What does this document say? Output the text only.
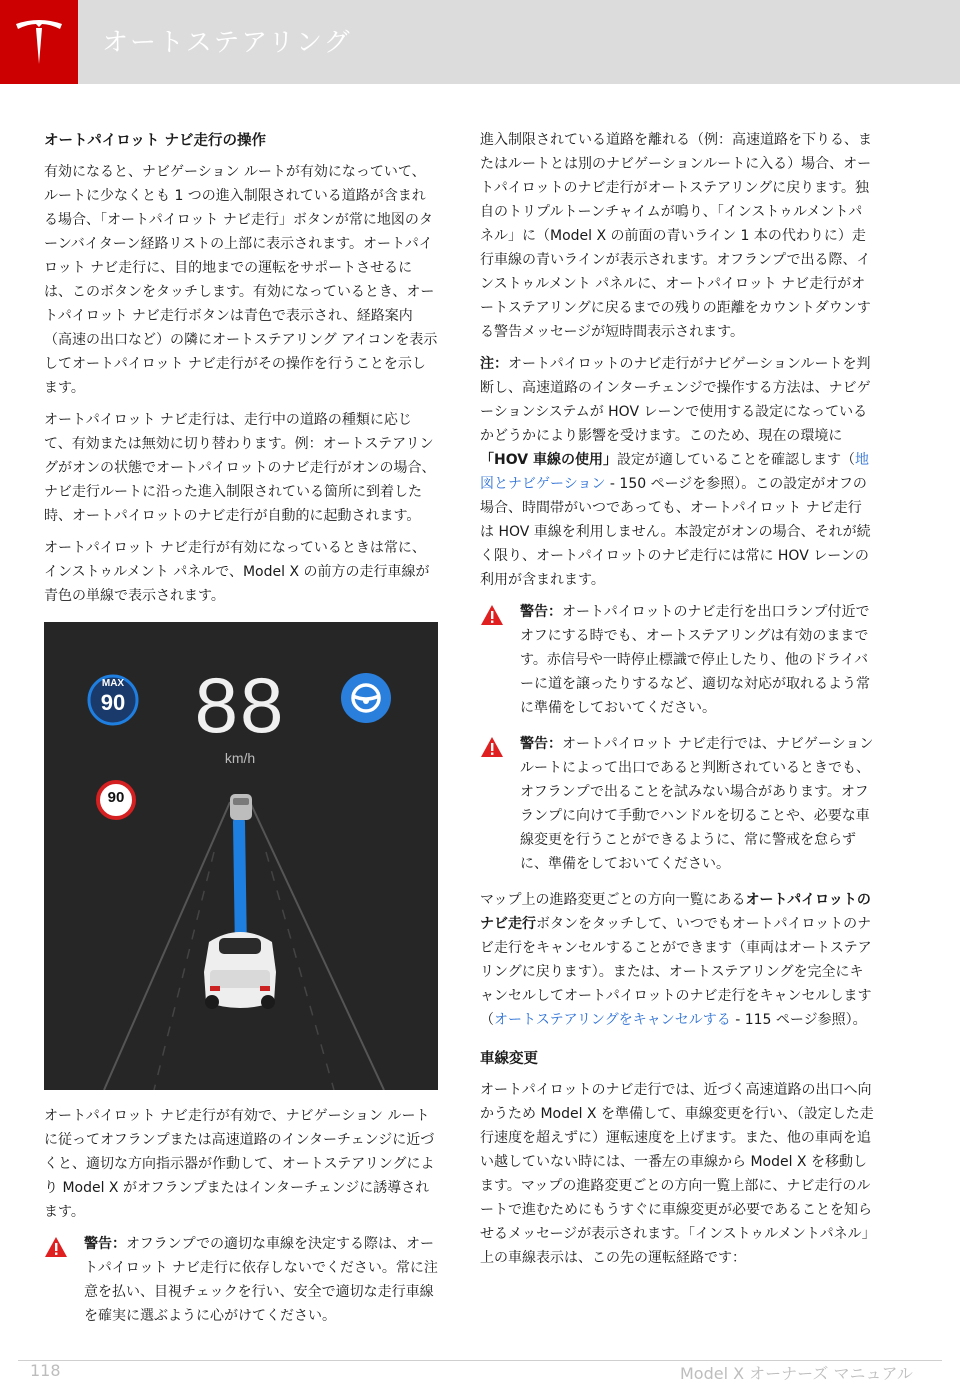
オートステアリング
オートパイロット ナビ走行の操作

有効になると、ナビゲーション ルートが有効になっていて、ルートに少なくとも 1 つの進入制限されている道路が含まれる場合、「オートパイロット ナビ走行」ボタンが常に地図のターンバイターン経路リストの上部に表示されます。オートパイロット ナビ走行に、目的地までの運転をサポートさせるには、このボタンをタッチします。有効になっているとき、オートパイロット ナビ走行ボタンは青色で表示され、経路案内（高速の出口など）の隣にオートステアリング アイコンを表示してオートパイロット ナビ走行がその操作を行うことを示します。

オートパイロット ナビ走行は、走行中の道路の種類に応じて、有効または無効に切り替わります。例：オートステアリングがオンの状態でオートパイロットのナビ走行がオンの場合、ナビ走行ルートに沿った進入制限されている箇所に到着した時、オートパイロットのナビ走行が自動的に起動されます。

オートパイロット ナビ走行が有効になっているときは常に、インストゥルメント パネルで、Model X の前方の走行車線が青色の単線で表示されます。

MAX
90 88
km/h
90

オートパイロット ナビ走行が有効で、ナビゲーション ルートに従ってオフランプまたは高速道路のインターチェンジに近づくと、適切な方向指示器が作動して、オートステアリングにより Model X がオフランプまたはインターチェンジに誘導されます。

警告：オフランプでの適切な車線を決定する際は、オートパイロット ナビ走行に依存しないでください。常に注意を払い、目視チェックを行い、安全で適切な走行車線を確実に選ぶように心がけてください。

進入制限されている道路を離れる（例：高速道路を下りる、またはルートとは別のナビゲーションルートに入る）場合、オートパイロットのナビ走行がオートステアリングに戻ります。独自のトリプルトーンチャイムが鳴り、「インストゥルメントパネル」に（Model X の前面の青いライン 1 本の代わりに）走行車線の青いラインが表示されます。オフランプで出る際、インストゥルメント パネルに、オートパイロット ナビ走行がオートステアリングに戻るまでの残りの距離をカウントダウンする警告メッセージが短時間表示されます。

注：オートパイロットのナビ走行がナビゲーションルートを判断し、高速道路のインターチェンジで操作する方法は、ナビゲーションシステムが HOV レーンで使用する設定になっているかどうかにより影響を受けます。このため、現在の環境に「HOV 車線の使用」設定が適していることを確認します（地図とナビゲーション - 150 ページを参照）。この設定がオフの場合、時間帯がいつであっても、オートパイロット ナビ走行は HOV 車線を利用しません。本設定がオンの場合、それが続く限り、オートパイロットのナビ走行には常に HOV レーンの利用が含まれます。

警告：オートパイロットのナビ走行を出口ランプ付近でオフにする時でも、オートステアリングは有効のままです。赤信号や一時停止標識で停止したり、他のドライバーに道を譲ったりするなど、適切な対応が取れるよう常に準備をしておいてください。

警告：オートパイロット ナビ走行では、ナビゲーション ルートによって出口であると判断されているときでも、オフランプで出ることを試みない場合があります。オフランプに向けて手動でハンドルを切ることや、必要な車線変更を行うことができるように、常に警戒を怠らずに、準備をしておいてください。

マップ上の進路変更ごとの方向一覧にあるオートパイロットのナビ走行ボタンをタッチして、いつでもオートパイロットのナビ走行をキャンセルすることができます（車両はオートステアリングに戻ります）。または、オートステアリングを完全にキャンセルしてオートパイロットのナビ走行をキャンセルします（オートステアリングをキャンセルする - 115 ページ参照）。

車線変更

オートパイロットのナビ走行では、近づく高速道路の出口へ向かうため Model X を準備して、車線変更を行い、（設定した走行速度を超えずに）運転速度を上げます。また、他の車両を追い越していない時には、一番左の車線から Model X を移動します。マップの進路変更ごとの方向一覧上部に、ナビ走行のルートで進むためにもうすぐに車線変更が必要であることを知らせるメッセージが表示されます。「インストゥルメントパネル」上の車線表示は、この先の運転経路です：

118	Model X オーナーズ マニュアル
